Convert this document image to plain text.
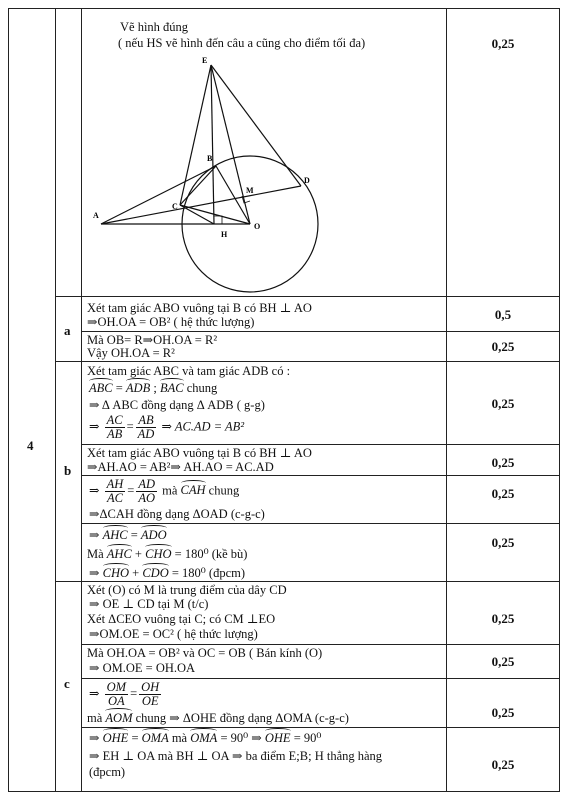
4
Vẽ hình đúng
( nếu HS vẽ hình đến câu a cũng cho điểm tối đa)	0,25
E
B
M
D
A
C
H
O
a
Xét tam giác ABO vuông tại B có BH ⊥ AO
⇒OH.OA = OB² ( hệ thức lượng)	0,5
Mà OB= R⇒OH.OA = R²
Vậy OH.OA = R²	0,25
b
Xét tam giác ABC và tam giác ADB có :
ABC = ADB ; BAC chung
⇒ Δ ABC đồng dạng Δ ADB ( g-g)
⇒ $\frac{AC}{AB} = \frac{AB}{AD}$ ⇒ AC.AD = AB²
0,25
Xét tam giác ABO vuông tại B có BH ⊥ AO
⇒AH.AO = AB²⇒ AH.AO = AC.AD	0,25
⇒ $\frac{AH}{AC} = \frac{AD}{AO}$ mà CAH chung
⇒ΔCAH đồng dạng ΔOAD (c-g-c)
0,25
⇒ AHC = ADO
Mà AHC + CHO = 180⁰ (kề bù)
⇒ CHO + CDO = 180⁰ (đpcm)
0,25
c
Xét (O) có M là trung điểm của dây CD
⇒ OE ⊥ CD tại M (t/c)
Xét ΔCEO vuông tại C; có CM ⊥EO
⇒OM.OE = OC² ( hệ thức lượng)
0,25
Mà OH.OA = OB² và OC = OB ( Bán kính (O)
⇒ OM.OE = OH.OA	0,25
⇒ $\frac{OM}{OA} = \frac{OH}{OE}$
mà AOM chung ⇒ ΔOHE đồng dạng ΔOMA (c-g-c)	0,25
⇒ OHE = OMA mà OMA = 90⁰ ⇒ OHE = 90⁰
⇒ EH ⊥ OA mà BH ⊥ OA ⇒ ba điểm E;B; H thẳng hàng
(đpcm)	0,25
